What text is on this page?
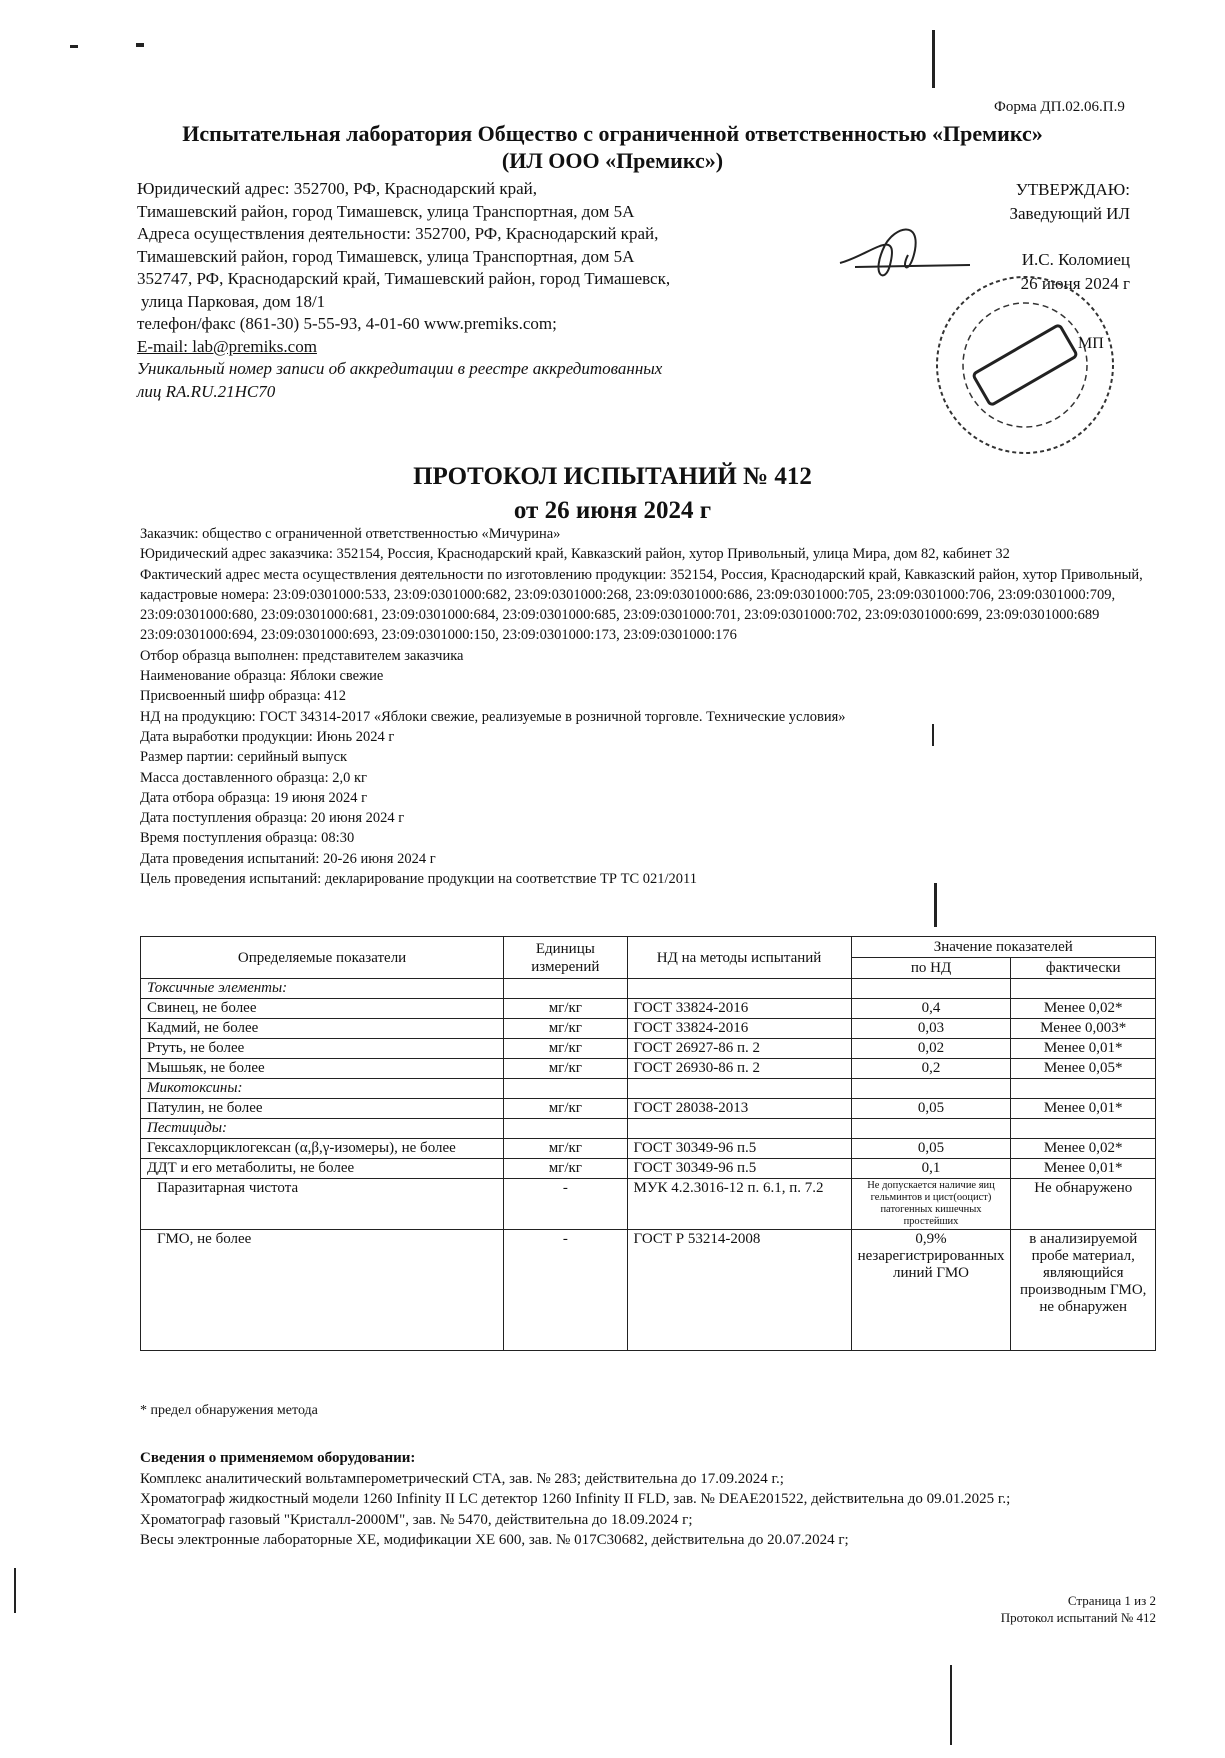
Форма ДП.02.06.П.9
Испытательная лаборатория Общество с ограниченной ответственностью «Премикс»
(ИЛ ООО «Премикс»)
Юридический адрес: 352700, РФ, Краснодарский край,
Тимашевский район, город Тимашевск, улица Транспортная, дом 5А
Адреса осуществления деятельности: 352700, РФ, Краснодарский край,
Тимашевский район, город Тимашевск, улица Транспортная, дом 5А
352747, РФ, Краснодарский край, Тимашевский район, город Тимашевск,
улица Парковая, дом 18/1
телефон/факс (861-30) 5-55-93, 4-01-60 www.premiks.com;
E-mail: lab@premiks.com
Уникальный номер записи об аккредитации в реестре аккредитованных
лиц RA.RU.21HC70
УТВЕРЖДАЮ:
Заведующий ИЛ
И.С. Коломиец
26 июня 2024 г
МП
ПРОТОКОЛ ИСПЫТАНИЙ № 412
от 26 июня 2024 г
Заказчик: общество с ограниченной ответственностью «Мичурина»
Юридический адрес заказчика: 352154, Россия, Краснодарский край, Кавказский район, хутор Привольный, улица Мира, дом 82, кабинет 32
Фактический адрес места осуществления деятельности по изготовлению продукции: 352154, Россия, Краснодарский край, Кавказский район, хутор Привольный, кадастровые номера: 23:09:0301000:533, 23:09:0301000:682, 23:09:0301000:268, 23:09:0301000:686, 23:09:0301000:705, 23:09:0301000:706, 23:09:0301000:709, 23:09:0301000:680, 23:09:0301000:681, 23:09:0301000:684, 23:09:0301000:685, 23:09:0301000:701, 23:09:0301000:702, 23:09:0301000:699, 23:09:0301000:689 23:09:0301000:694, 23:09:0301000:693, 23:09:0301000:150, 23:09:0301000:173, 23:09:0301000:176
Отбор образца выполнен: представителем заказчика
Наименование образца: Яблоки свежие
Присвоенный шифр образца: 412
НД на продукцию: ГОСТ 34314-2017 «Яблоки свежие, реализуемые в розничной торговле. Технические условия»
Дата выработки продукции: Июнь 2024 г
Размер партии: серийный выпуск
Масса доставленного образца: 2,0 кг
Дата отбора образца: 19 июня 2024 г
Дата поступления образца: 20 июня 2024 г
Время поступления образца: 08:30
Дата проведения испытаний: 20-26 июня 2024 г
Цель проведения испытаний: декларирование продукции на соответствие ТР ТС 021/2011
Определяемые показатели	Единицы измерений	НД на методы испытаний	Значение показателей	
			по НД	фактически
Токсичные элементы:				
Свинец, не более	мг/кг	ГОСТ 33824-2016	0,4	Менее 0,02*
Кадмий, не более	мг/кг	ГОСТ 33824-2016	0,03	Менее 0,003*
Ртуть, не более	мг/кг	ГОСТ 26927-86 п. 2	0,02	Менее 0,01*
Мышьяк, не более	мг/кг	ГОСТ 26930-86 п. 2	0,2	Менее 0,05*
Микотоксины:				
Патулин, не более	мг/кг	ГОСТ 28038-2013	0,05	Менее 0,01*
Пестициды:				
Гексахлорциклогексан (α,β,γ-изомеры), не более	мг/кг	ГОСТ 30349-96 п.5	0,05	Менее 0,02*
ДДТ и его метаболиты, не более	мг/кг	ГОСТ 30349-96 п.5	0,1	Менее 0,01*
Паразитарная чистота	-	МУК 4.2.3016-12 п. 6.1, п. 7.2	Не допускается наличие яиц гельминтов и цист(ооцист) патогенных кишечных простейших	Не обнаружено
ГМО, не более	-	ГОСТ Р 53214-2008	0,9% незарегистрированных линий ГМО	в анализируемой пробе материал, являющийся производным ГМО, не обнаружен
* предел обнаружения метода
Сведения о применяемом оборудовании:
Комплекс аналитический вольтамперометрический СТА, зав. № 283; действительна до 17.09.2024 г.;
Хроматограф жидкостный модели 1260 Infinity II LC детектор 1260 Infinity II FLD, зав. № DEAE201522, действительна до 09.01.2025 г.;
Хроматограф газовый "Кристалл-2000М", зав. № 5470, действительна до 18.09.2024 г;
Весы электронные лабораторные XE, модификации XE 600, зав. № 017C30682, действительна до 20.07.2024 г;
Страница 1 из 2
Протокол испытаний № 412
